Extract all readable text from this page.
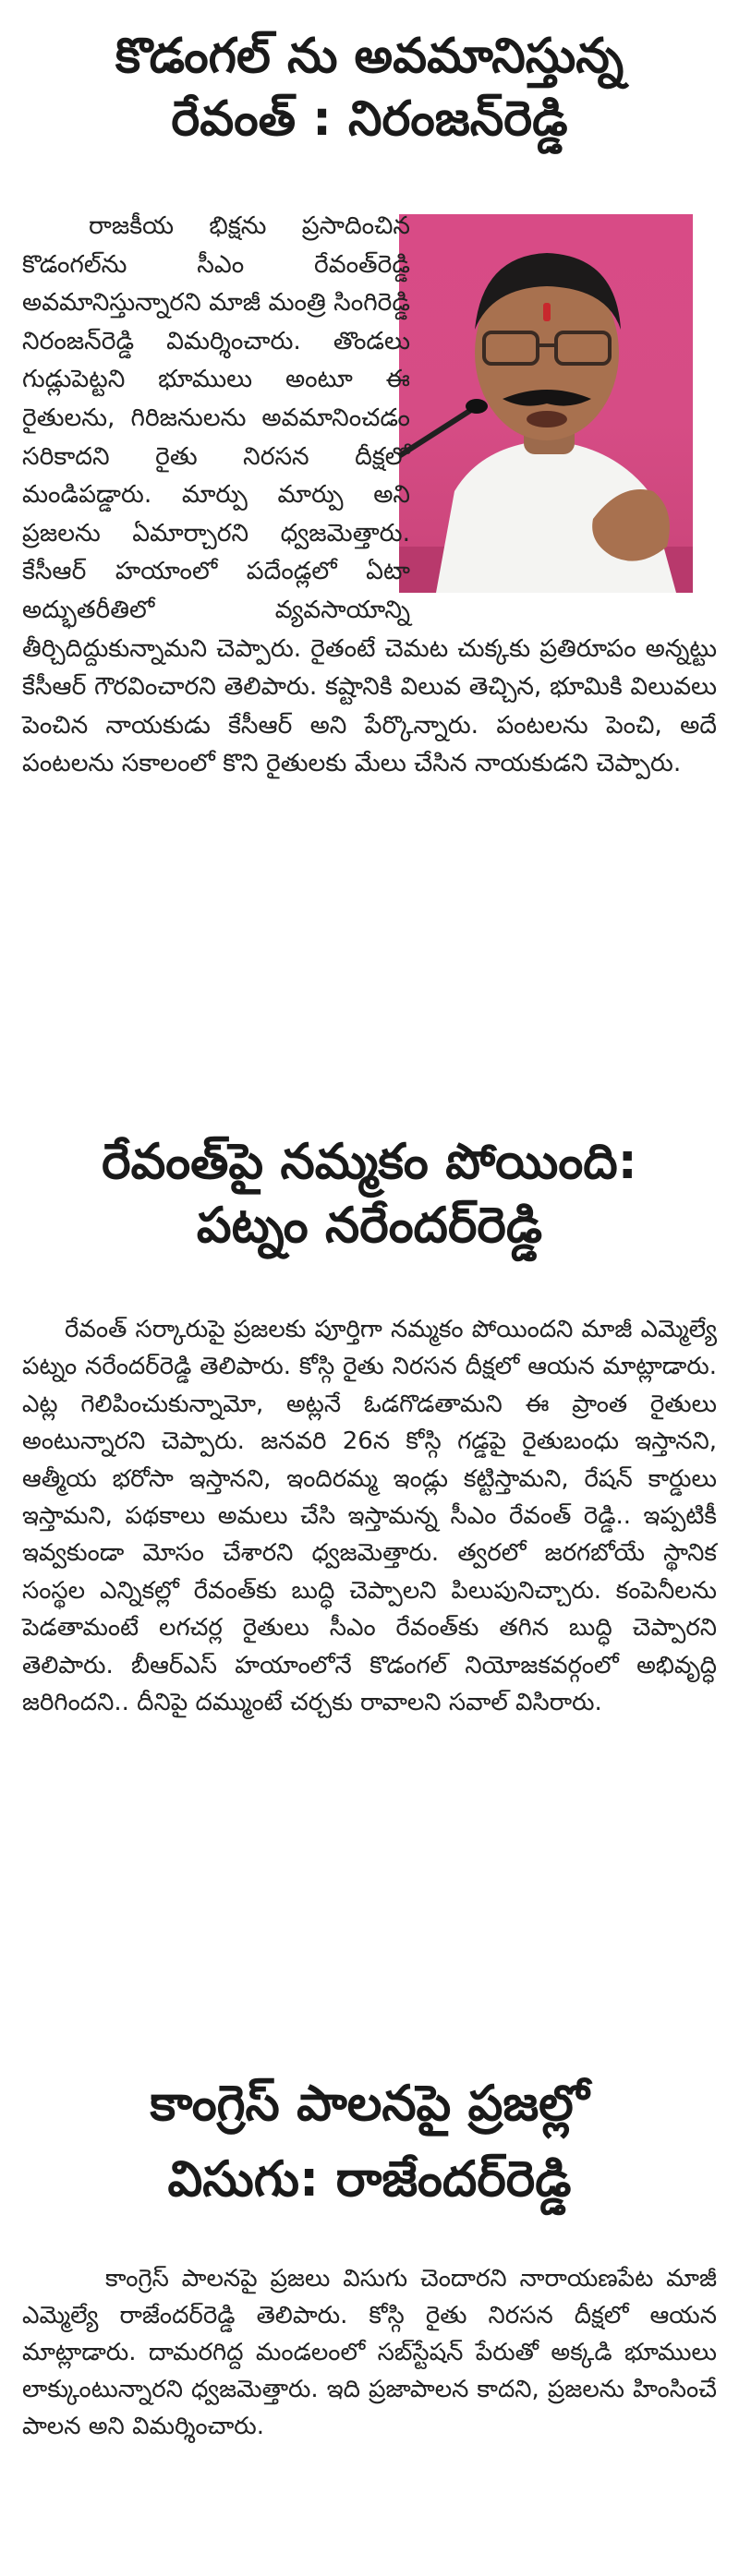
కొడంగల్ ను అవమానిస్తున్న
రేవంత్ : నిరంజన్‌రెడ్డి

రాజకీయ భిక్షను ప్రసాదించిన కొడంగల్‌ను సీఎం రేవంత్‌రెడ్డి అవమానిస్తున్నారని మాజీ మంత్రి సింగిరెడ్డి నిరంజన్‌రెడ్డి విమర్శించారు. తొండలు గుడ్లుపెట్టని భూములు అంటూ ఈ రైతులను, గిరిజనులను అవమానించడం సరికాదని రైతు నిరసన దీక్షలో మండిపడ్డారు. మార్పు మార్పు అని ప్రజలను ఏమార్చారని ధ్వజమెత్తారు. కేసీఆర్ హయాంలో పదేండ్లలో ఏటా అద్భుతరీతిలో వ్యవసాయాన్ని తీర్చిదిద్దుకున్నామని చెప్పారు. రైతంటే చెమట చుక్కకు ప్రతిరూపం అన్నట్టు కేసీఆర్ గౌరవించారని తెలిపారు. కష్టానికి విలువ తెచ్చిన, భూమికి విలువలు పెంచిన నాయకుడు కేసీఆర్ అని పేర్కొన్నారు. పంటలను పెంచి, అదే పంటలను సకాలంలో కొని రైతులకు మేలు చేసిన నాయకుడని చెప్పారు.

రేవంత్‌పై నమ్మకం పోయింది:
పట్నం నరేందర్‌రెడ్డి

రేవంత్ సర్కారుపై ప్రజలకు పూర్తిగా నమ్మకం పోయిందని మాజీ ఎమ్మెల్యే పట్నం నరేందర్‌రెడ్డి తెలిపారు. కోస్గి రైతు నిరసన దీక్షలో ఆయన మాట్లాడారు. ఎట్ల గెలిపించుకున్నామో, అట్లనే ఓడగొడతామని ఈ ప్రాంత రైతులు అంటున్నారని చెప్పారు. జనవరి 26న కోస్గి గడ్డపై రైతుబంధు ఇస్తానని, ఆత్మీయ భరోసా ఇస్తానని, ఇందిరమ్మ ఇండ్లు కట్టిస్తామని, రేషన్ కార్డులు ఇస్తామని, పథకాలు అమలు చేసి ఇస్తామన్న సీఎం రేవంత్ రెడ్డి.. ఇప్పటికీ ఇవ్వకుండా మోసం చేశారని ధ్వజమెత్తారు. త్వరలో జరగబోయే స్థానిక సంస్థల ఎన్నికల్లో రేవంత్‌కు బుద్ధి చెప్పాలని పిలుపునిచ్చారు. కంపెనీలను పెడతామంటే లగచర్ల రైతులు సీఎం రేవంత్‌కు తగిన బుద్ధి చెప్పారని తెలిపారు. బీఆర్ఎస్ హయాంలోనే కొడంగల్ నియోజకవర్గంలో అభివృద్ధి జరిగిందని.. దీనిపై దమ్ముంటే చర్చకు రావాలని సవాల్ విసిరారు.

కాంగ్రెస్ పాలనపై ప్రజల్లో
విసుగు: రాజేందర్‌రెడ్డి

కాంగ్రెస్ పాలనపై ప్రజలు విసుగు చెందారని నారాయణపేట మాజీ ఎమ్మెల్యే రాజేందర్‌రెడ్డి తెలిపారు. కోస్గి రైతు నిరసన దీక్షలో ఆయన మాట్లాడారు. దామరగిద్ద మండలంలో సబ్‌స్టేషన్ పేరుతో అక్కడి భూములు లాక్కుంటున్నారని ధ్వజమెత్తారు. ఇది ప్రజాపాలన కాదని, ప్రజలను హింసించే పాలన అని విమర్శించారు.
